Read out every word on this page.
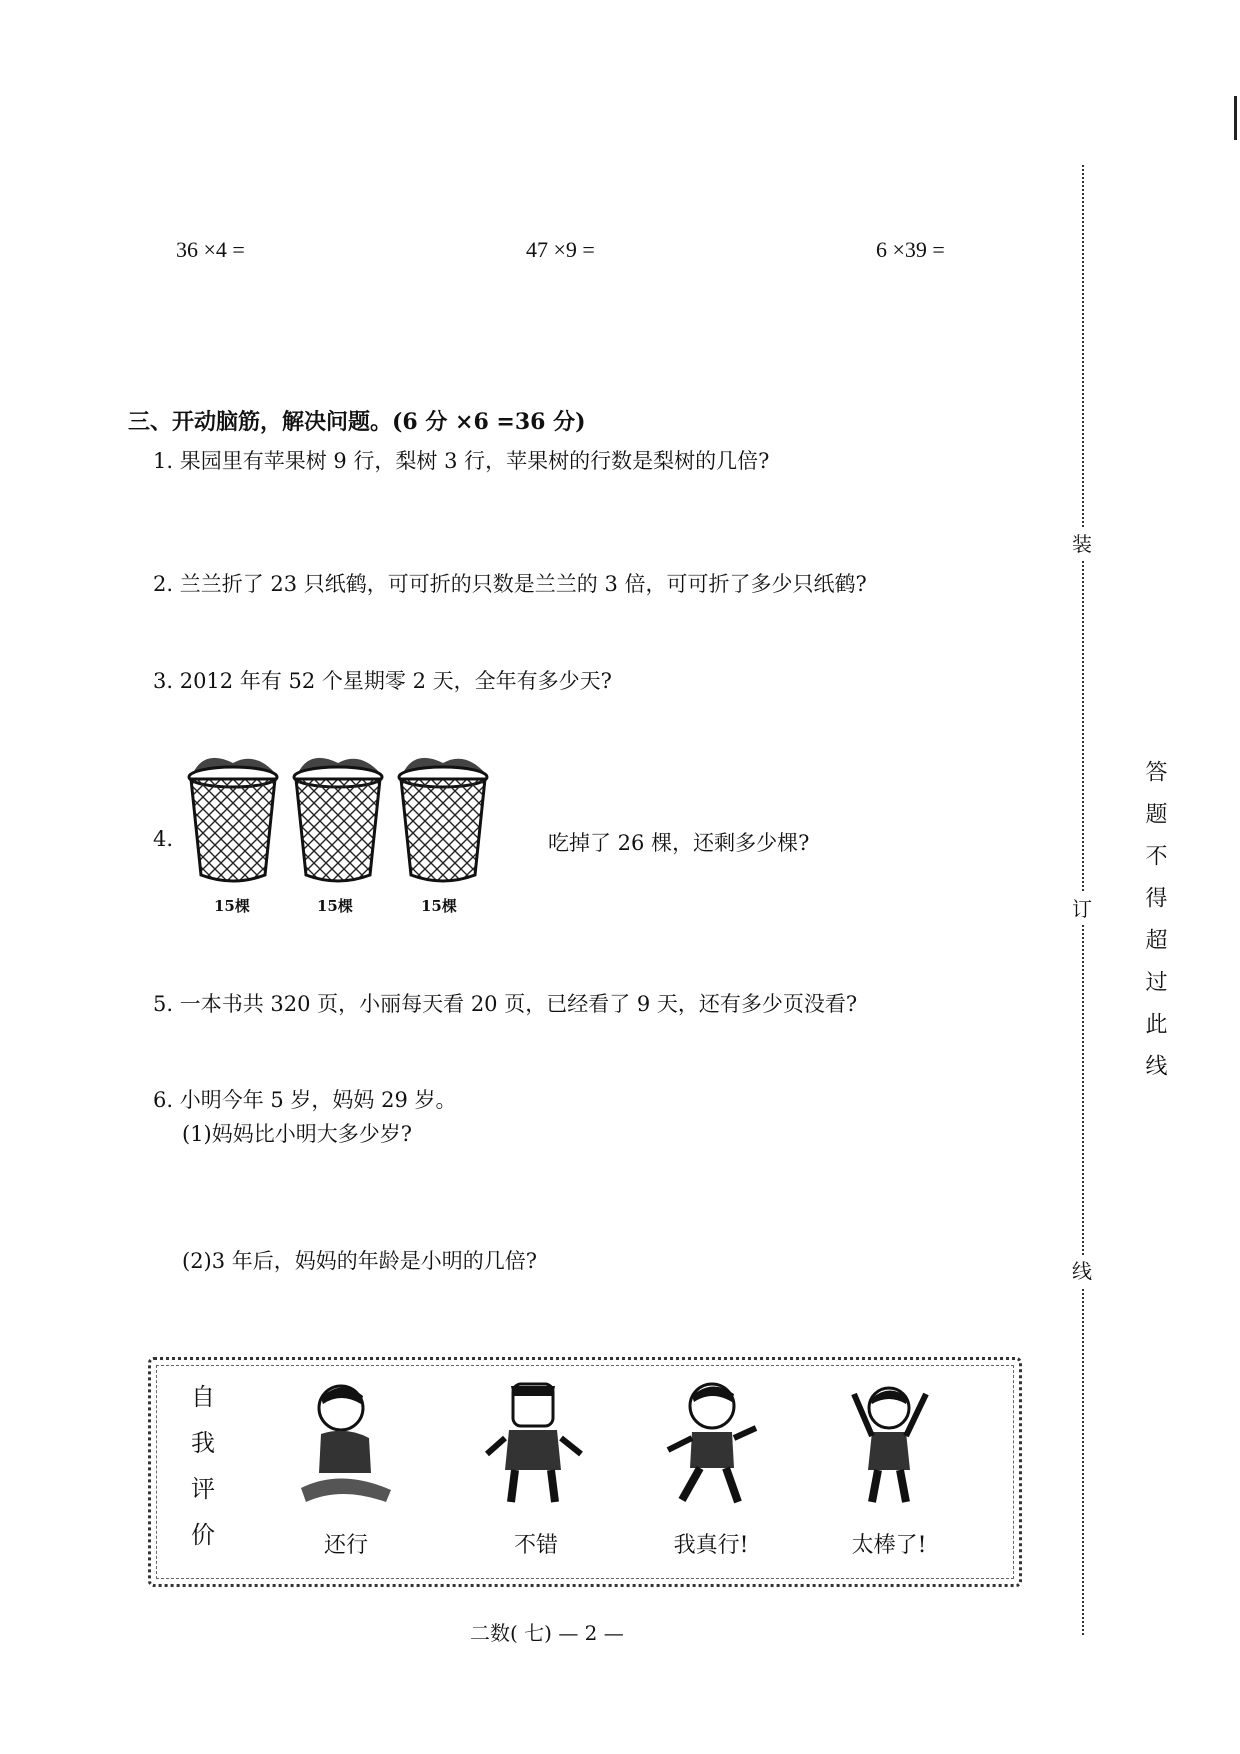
36 ×4 =	47 ×9 =	6 ×39 =
三、开动脑筋，解决问题。(6 分 ×6 =36 分)
1. 果园里有苹果树 9 行，梨树 3 行，苹果树的行数是梨树的几倍?
2. 兰兰折了 23 只纸鹤，可可折的只数是兰兰的 3 倍，可可折了多少只纸鹤?
3. 2012 年有 52 个星期零 2 天，全年有多少天?
4.
15棵	15棵	15棵
吃掉了 26 棵，还剩多少棵?
5. 一本书共 320 页，小丽每天看 20 页，已经看了 9 天，还有多少页没看?
6. 小明今年 5 岁，妈妈 29 岁。
(1)妈妈比小明大多少岁?
(2)3 年后，妈妈的年龄是小明的几倍?
装
订
线
答题不得超过此线
自
我
评
价	还行	不错	我真行!	太棒了!
二数( 七) — 2 —
